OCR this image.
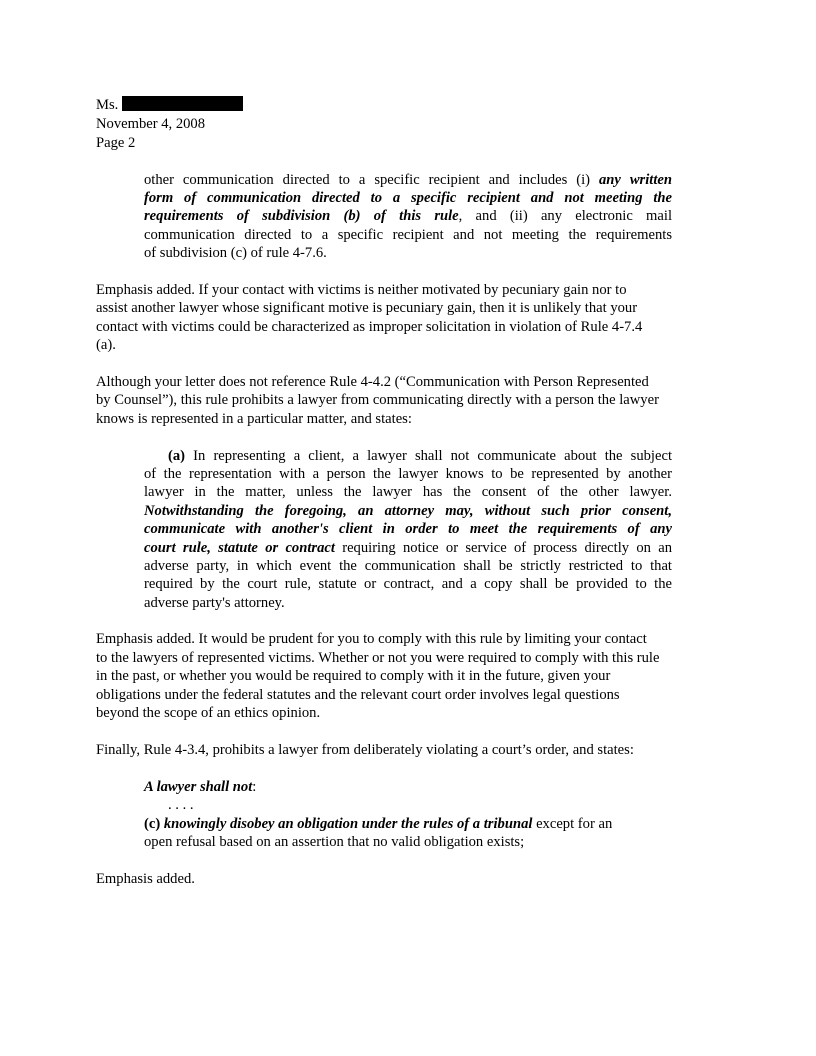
Ms.
November 4, 2008
Page 2
other communication directed to a specific recipient and includes (i) any written
form of communication directed to a specific recipient and not meeting the
requirements of subdivision (b) of this rule, and (ii) any electronic mail
communication directed to a specific recipient and not meeting the requirements
of subdivision (c) of rule 4-7.6.
Emphasis added. If your contact with victims is neither motivated by pecuniary gain nor to
assist another lawyer whose significant motive is pecuniary gain, then it is unlikely that your
contact with victims could be characterized as improper solicitation in violation of Rule 4-7.4
(a).
Although your letter does not reference Rule 4-4.2 (“Communication with Person Represented
by Counsel”), this rule prohibits a lawyer from communicating directly with a person the lawyer
knows is represented in a particular matter, and states:
(a) In representing a client, a lawyer shall not communicate about the subject
of the representation with a person the lawyer knows to be represented by another
lawyer in the matter, unless the lawyer has the consent of the other lawyer.
Notwithstanding the foregoing, an attorney may, without such prior consent,
communicate with another's client in order to meet the requirements of any
court rule, statute or contract requiring notice or service of process directly on an
adverse party, in which event the communication shall be strictly restricted to that
required by the court rule, statute or contract, and a copy shall be provided to the
adverse party's attorney.
Emphasis added. It would be prudent for you to comply with this rule by limiting your contact
to the lawyers of represented victims. Whether or not you were required to comply with this rule
in the past, or whether you would be required to comply with it in the future, given your
obligations under the federal statutes and the relevant court order involves legal questions
beyond the scope of an ethics opinion.
Finally, Rule 4-3.4, prohibits a lawyer from deliberately violating a court’s order, and states:
A lawyer shall not:
. . . .
(c) knowingly disobey an obligation under the rules of a tribunal except for an
open refusal based on an assertion that no valid obligation exists;
Emphasis added.
